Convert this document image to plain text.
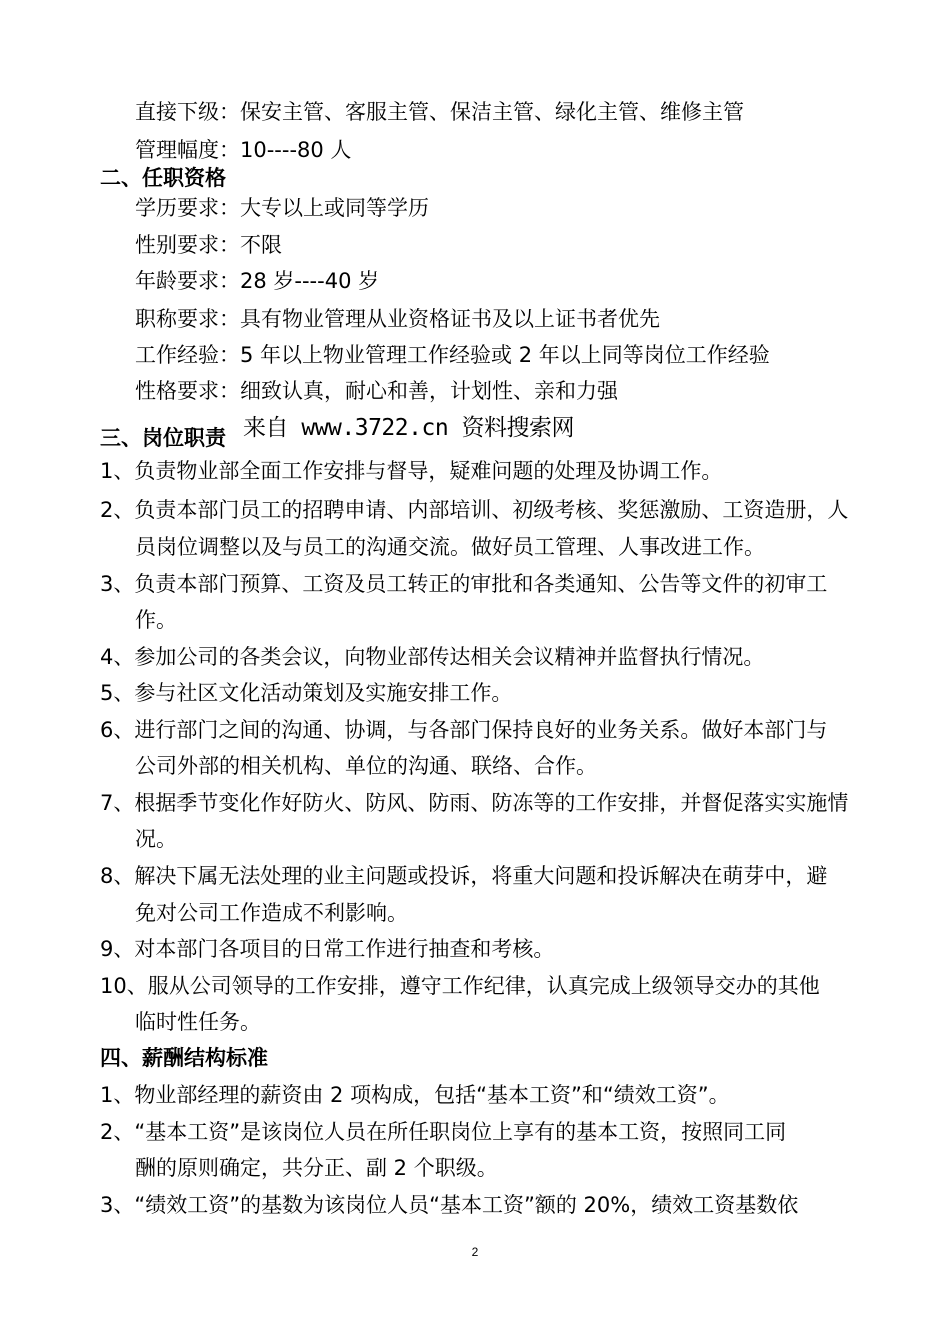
直接下级：保安主管、客服主管、保洁主管、绿化主管、维修主管
管理幅度：10----80 人
二、任职资格
学历要求：大专以上或同等学历
性别要求：不限
年龄要求：28 岁----40 岁
职称要求：具有物业管理从业资格证书及以上证书者优先
工作经验：5 年以上物业管理工作经验或 2 年以上同等岗位工作经验
性格要求：细致认真，耐心和善，计划性、亲和力强
三、岗位职责 来自 www.3722.cn 资料搜索网
1、负责物业部全面工作安排与督导，疑难问题的处理及协调工作。
2、负责本部门员工的招聘申请、内部培训、初级考核、奖惩激励、工资造册，人
员岗位调整以及与员工的沟通交流。做好员工管理、人事改进工作。
3、负责本部门预算、工资及员工转正的审批和各类通知、公告等文件的初审工
作。
4、参加公司的各类会议，向物业部传达相关会议精神并监督执行情况。
5、参与社区文化活动策划及实施安排工作。
6、进行部门之间的沟通、协调，与各部门保持良好的业务关系。做好本部门与
公司外部的相关机构、单位的沟通、联络、合作。
7、根据季节变化作好防火、防风、防雨、防冻等的工作安排，并督促落实实施情
况。
8、解决下属无法处理的业主问题或投诉，将重大问题和投诉解决在萌芽中，避
免对公司工作造成不利影响。
9、对本部门各项目的日常工作进行抽查和考核。
10、服从公司领导的工作安排，遵守工作纪律，认真完成上级领导交办的其他
临时性任务。
四、薪酬结构标准
1、物业部经理的薪资由 2 项构成，包括“基本工资”和“绩效工资”。
2、“基本工资”是该岗位人员在所任职岗位上享有的基本工资，按照同工同
酬的原则确定，共分正、副 2 个职级。
3、“绩效工资”的基数为该岗位人员“基本工资”额的 20%，绩效工资基数依
2
